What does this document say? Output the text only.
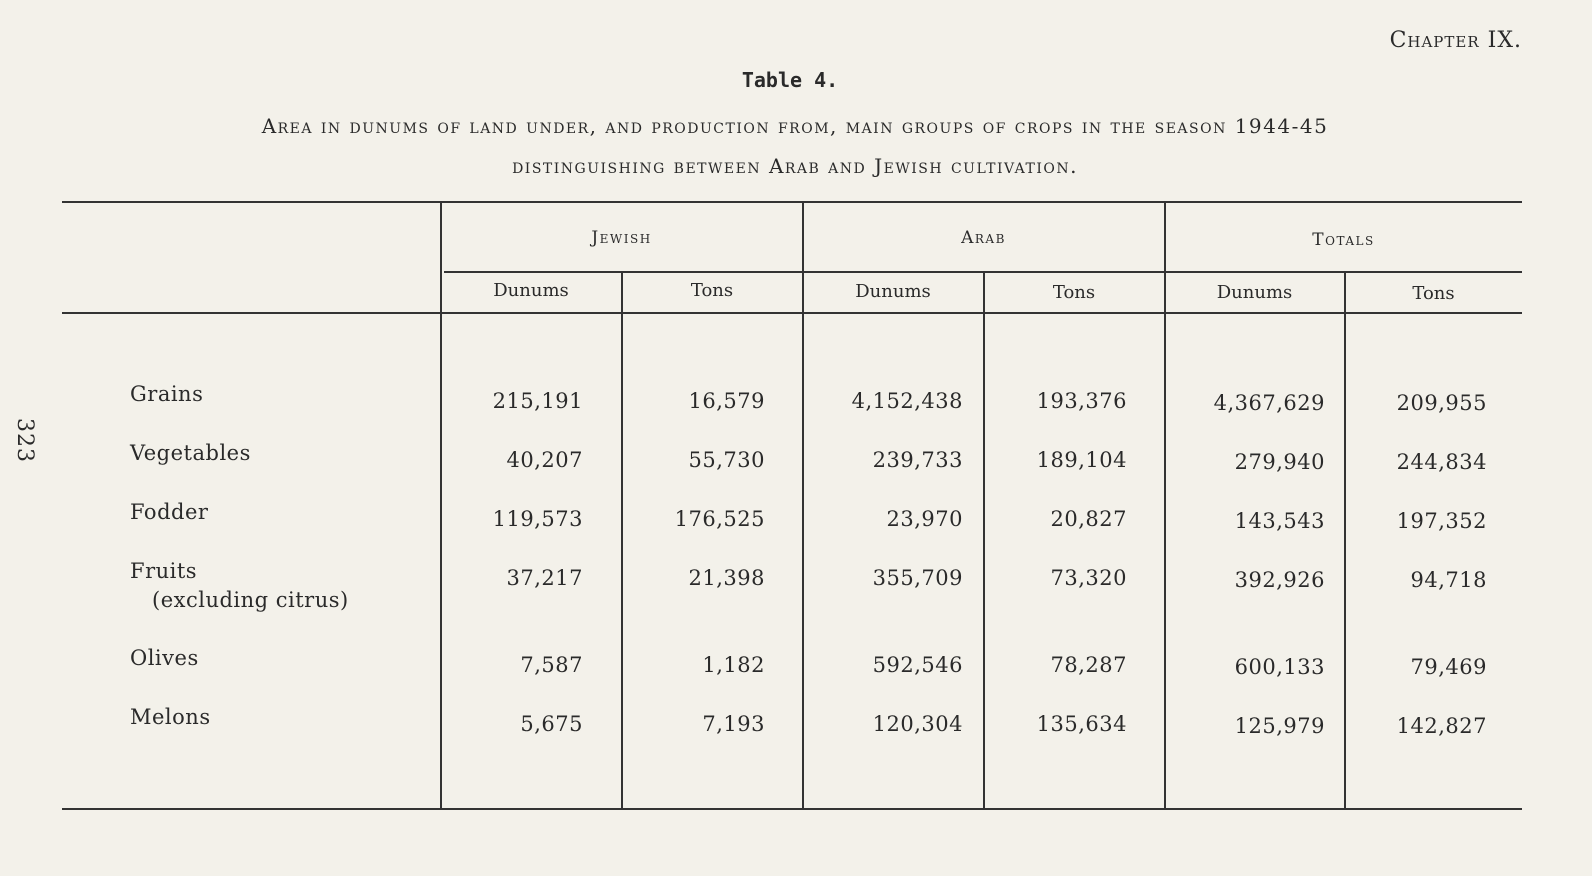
323
Chapter IX.
Table 4.
Area in dunums of land under, and production from, main groups of crops in the season 1944-45
distinguishing between Arab and Jewish cultivation.
Jewish	Arab	Totals
Dunums	Tons	Dunums	Tons	Dunums	Tons
Grains	215,191	16,579	4,152,438	193,376	4,367,629	209,955
Vegetables	40,207	55,730	239,733	189,104	279,940	244,834
Fodder	119,573	176,525	23,970	20,827	143,543	197,352
Fruits
(excluding citrus)
37,217	21,398	355,709	73,320	392,926	94,718
Olives	7,587	1,182	592,546	78,287	600,133	79,469
Melons	5,675	7,193	120,304	135,634	125,979	142,827
